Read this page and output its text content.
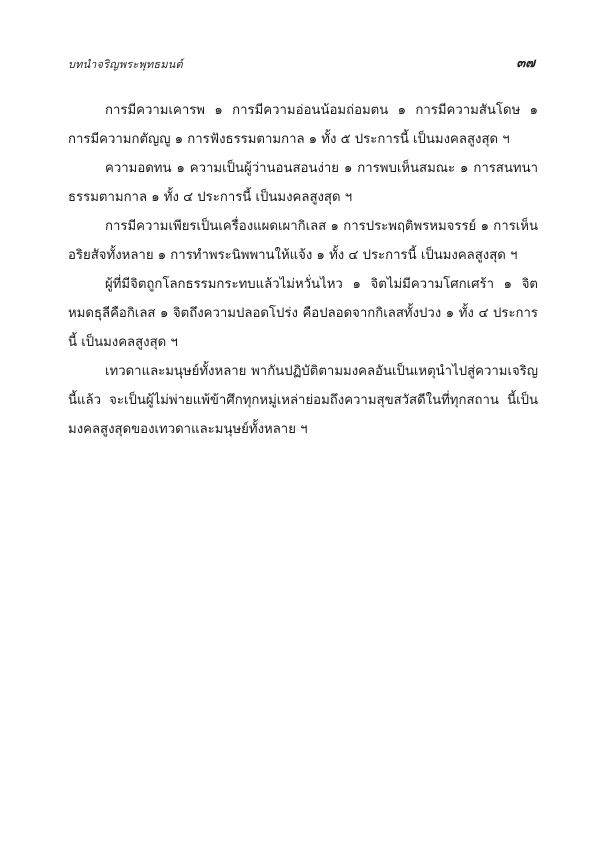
บทนำจริญพระพุทธมนต์	๓๗

การมีความเคารพ ๑ การมีความอ่อนน้อมถ่อมตน ๑ การมีความสันโดษ ๑ การมีความกตัญญู ๑ การฟังธรรมตามกาล ๑ ทั้ง ๕ ประการนี้ เป็นมงคลสูงสุด ฯ

ความอดทน ๑ ความเป็นผู้ว่านอนสอนง่าย ๑ การพบเห็นสมณะ ๑ การสนทนาธรรมตามกาล ๑ ทั้ง ๔ ประการนี้ เป็นมงคลสูงสุด ฯ

การมีความเพียรเป็นเครื่องแผดเผากิเลส ๑ การประพฤติพรหมจรรย์ ๑ การเห็นอริยสัจทั้งหลาย ๑ การทำพระนิพพานให้แจ้ง ๑ ทั้ง ๔ ประการนี้ เป็นมงคลสูงสุด ฯ

ผู้ที่มีจิตถูกโลกธรรมกระทบแล้วไม่หวั่นไหว ๑ จิตไม่มีความโศกเศร้า ๑ จิตหมดธุลีคือกิเลส ๑ จิตถึงความปลอดโปร่ง คือปลอดจากกิเลสทั้งปวง ๑ ทั้ง ๔ ประการนี้ เป็นมงคลสูงสุด ฯ

เทวดาและมนุษย์ทั้งหลาย พากันปฏิบัติตามมงคลอันเป็นเหตุนำไปสู่ความเจริญนี้แล้ว จะเป็นผู้ไม่พ่ายแพ้ข้าศึกทุกหมู่เหล่าย่อมถึงความสุขสวัสดีในที่ทุกสถาน นี้เป็นมงคลสูงสุดของเทวดาและมนุษย์ทั้งหลาย ฯ
